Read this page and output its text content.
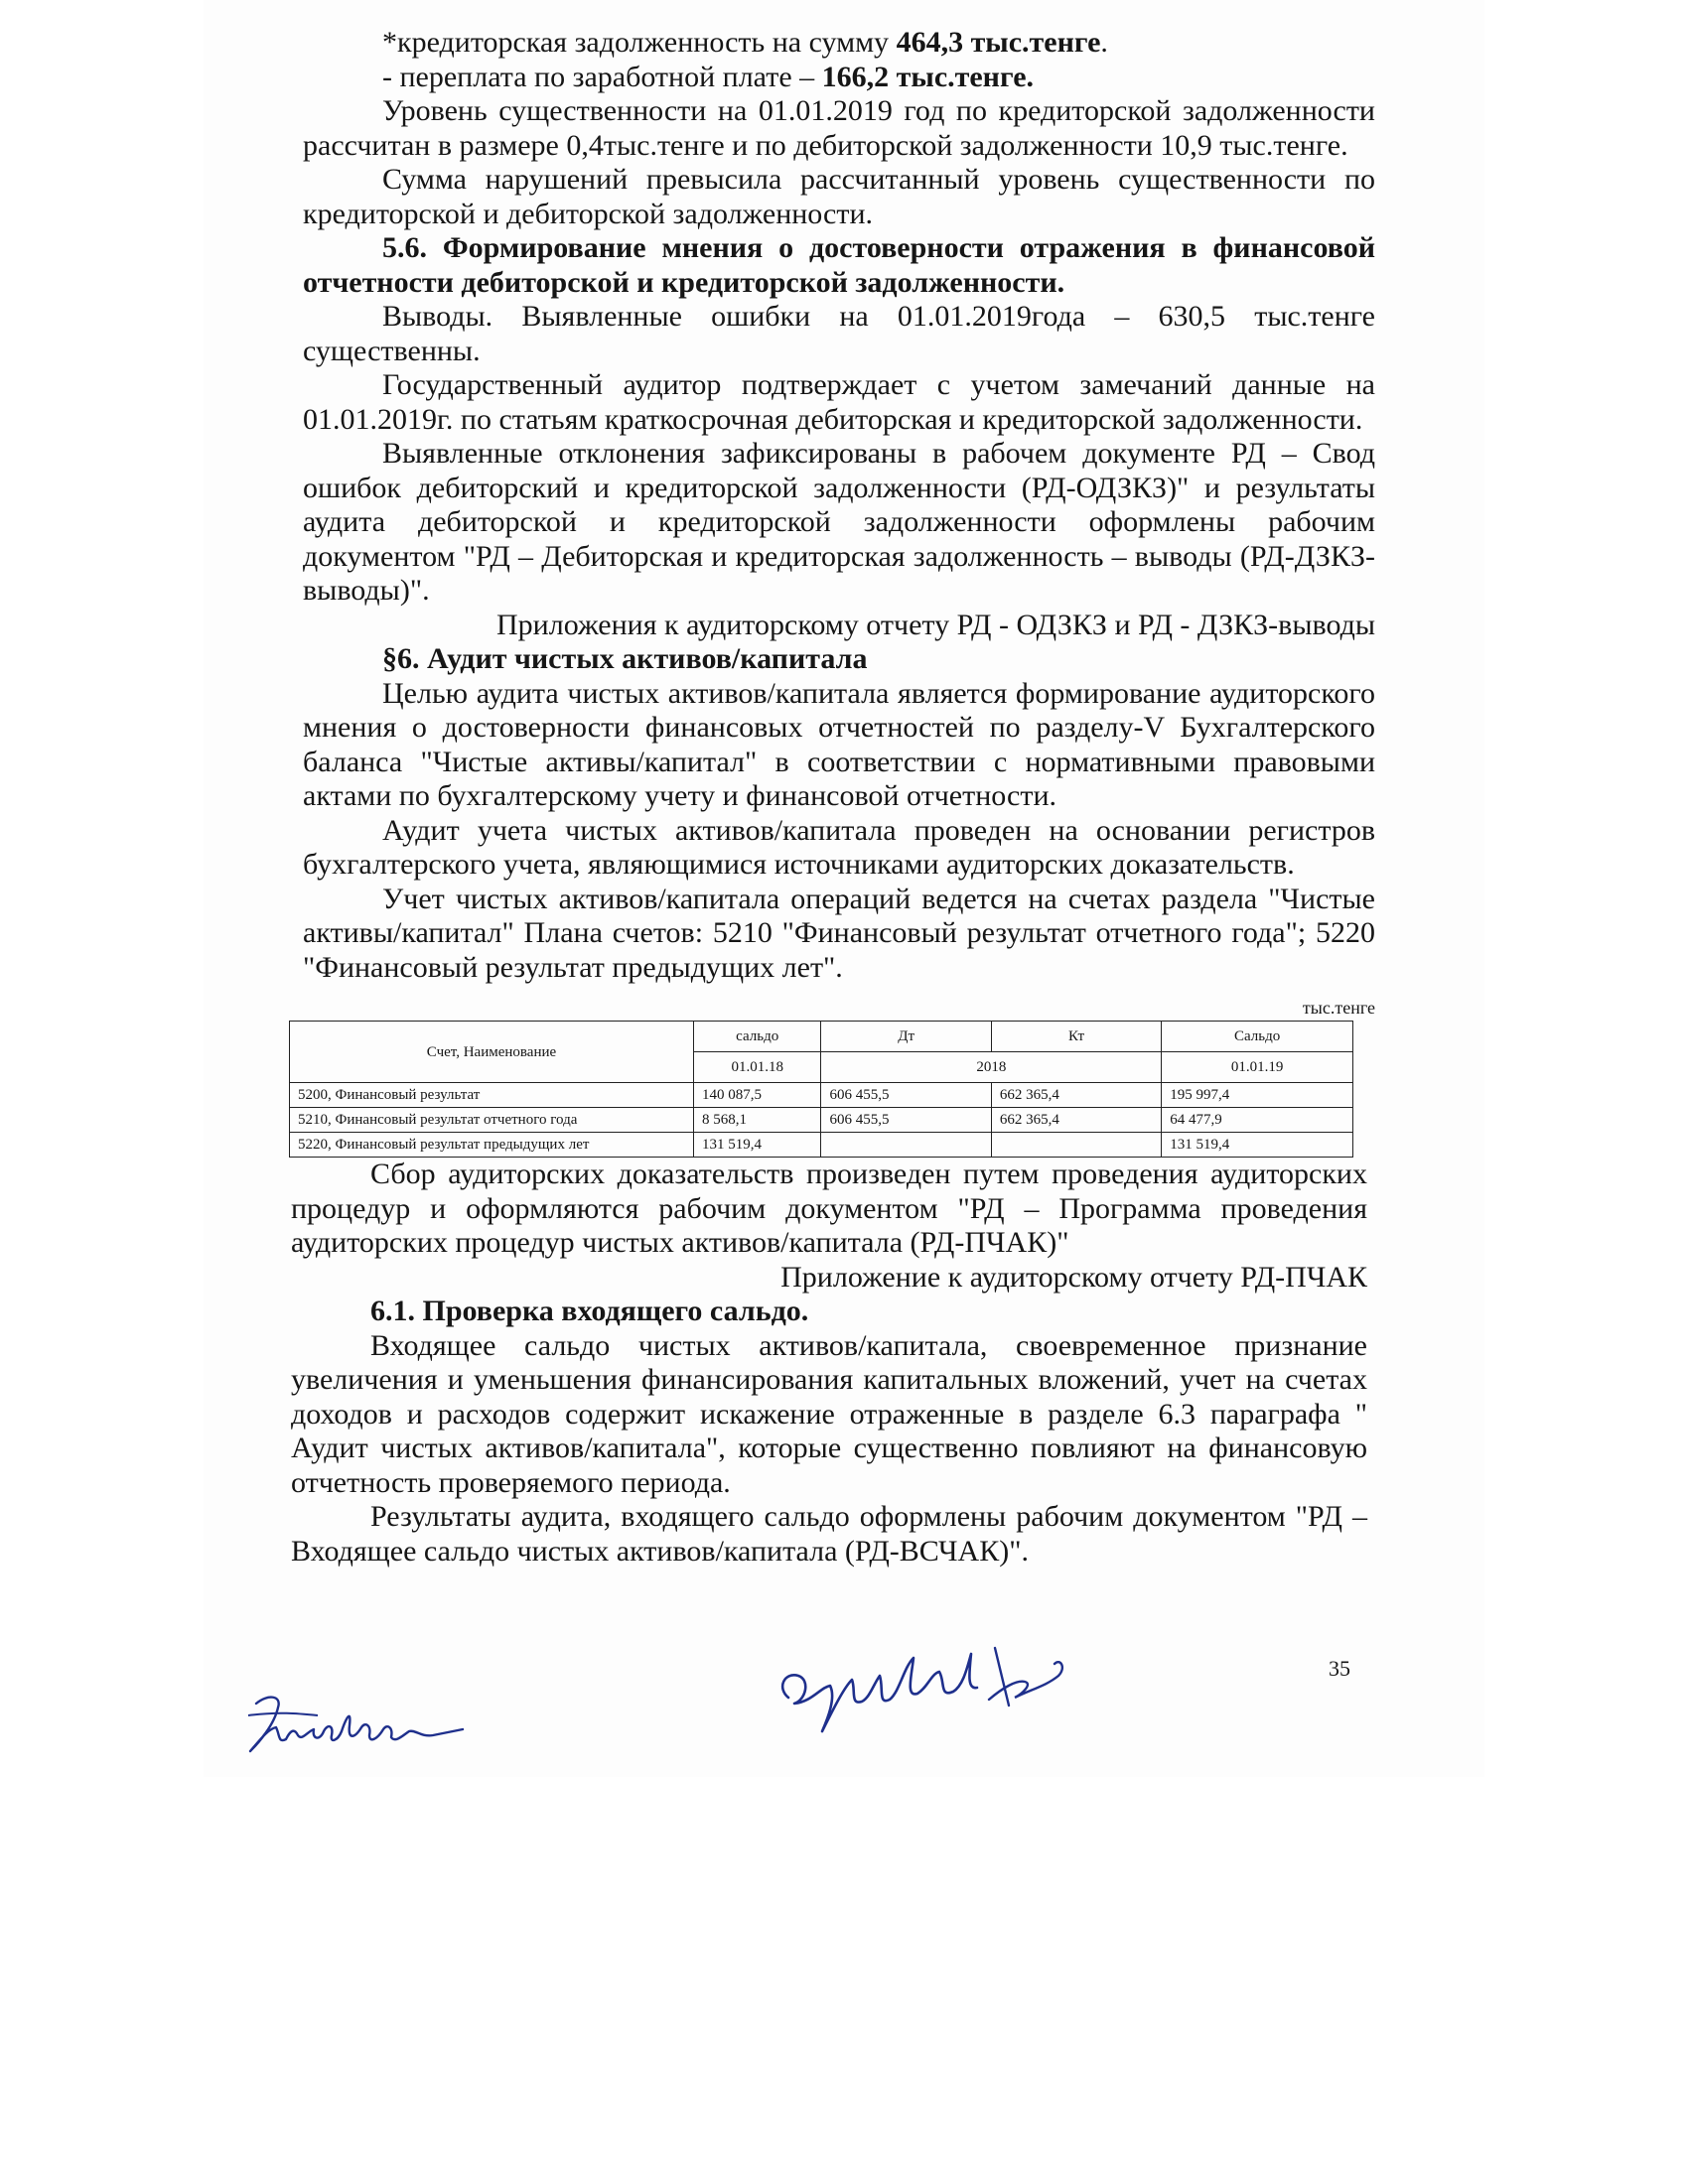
*кредиторская задолженность на сумму 464,3 тыс.тенге.

- переплата по заработной плате – 166,2 тыс.тенге.

Уровень существенности на 01.01.2019 год по кредиторской задолженности рассчитан в размере 0,4тыс.тенге и по дебиторской задолженности 10,9 тыс.тенге.

Сумма нарушений превысила рассчитанный уровень существенности по кредиторской и дебиторской задолженности.

5.6. Формирование мнения о достоверности отражения в финансовой отчетности дебиторской и кредиторской задолженности.

Выводы. Выявленные ошибки на 01.01.2019года – 630,5 тыс.тенге существенны.

Государственный аудитор подтверждает с учетом замечаний данные на 01.01.2019г. по статьям краткосрочная дебиторская и кредиторской задолженности.

Выявленные отклонения зафиксированы в рабочем документе РД – Свод ошибок дебиторский и кредиторской задолженности (РД-ОДЗКЗ)" и результаты аудита дебиторской и кредиторской задолженности оформлены рабочим документом "РД – Дебиторская и кредиторская задолженность – выводы (РД-ДЗКЗ-выводы)".

Приложения к аудиторскому отчету РД - ОДЗКЗ и РД - ДЗКЗ-выводы

§6. Аудит чистых активов/капитала

Целью аудита чистых активов/капитала является формирование аудиторского мнения о достоверности финансовых отчетностей по разделу-V Бухгалтерского баланса "Чистые активы/капитал" в соответствии с нормативными правовыми актами по бухгалтерскому учету и финансовой отчетности.

Аудит учета чистых активов/капитала проведен на основании регистров бухгалтерского учета, являющимися источниками аудиторских доказательств.

Учет чистых активов/капитала операций ведется на счетах раздела "Чистые активы/капитал" Плана счетов: 5210 "Финансовый результат отчетного года"; 5220 "Финансовый результат предыдущих лет".

тыс.тенге
Счет, Наименование	сальдо	Дт	Кт	Сальдо
	01.01.18	2018		01.01.19
5200, Финансовый результат	140 087,5	606 455,5	662 365,4	195 997,4
5210, Финансовый результат отчетного года	8 568,1	606 455,5	662 365,4	64 477,9
5220, Финансовый результат предыдущих лет	131 519,4			131 519,4

Сбор аудиторских доказательств произведен путем проведения аудиторских процедур и оформляются рабочим документом "РД – Программа проведения аудиторских процедур чистых активов/капитала (РД-ПЧАК)"

Приложение к аудиторскому отчету РД-ПЧАК

6.1. Проверка входящего сальдо.

Входящее сальдо чистых активов/капитала, своевременное признание увеличения и уменьшения финансирования капитальных вложений, учет на счетах доходов и расходов содержит искажение отраженные в разделе 6.3 параграфа " Аудит чистых активов/капитала", которые существенно повлияют на финансовую отчетность проверяемого периода.

Результаты аудита, входящего сальдо оформлены рабочим документом "РД – Входящее сальдо чистых активов/капитала (РД-ВСЧАК)".

35
